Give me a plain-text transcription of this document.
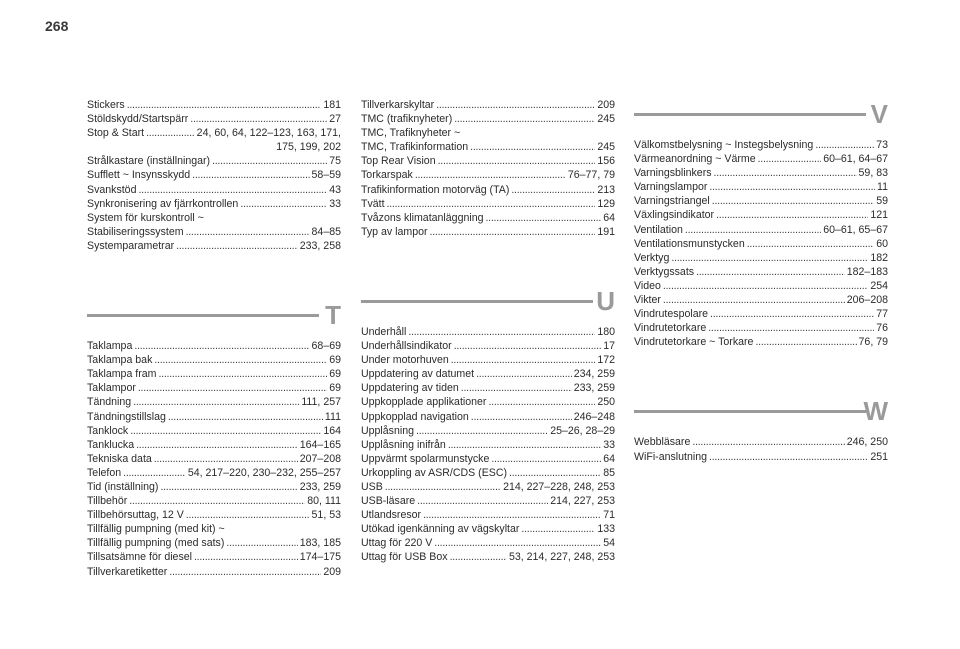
268
Stickers . . .	181
Stöldskydd/Startspärr . . .	27
Stop & Start . . .	24, 60, 64, 122–123, 163, 171,
175, 199, 202
Strålkastare (inställningar) . . .	75
Sufflett ~ Insynsskydd . . .	58–59
Svankstöd . . .	43
Synkronisering av fjärrkontrollen . . .	33
System för kurskontroll ~
Stabiliseringssystem . . .	84–85
Systemparametrar . . .	233, 258
T
Taklampa . . .	68–69
Taklampa bak . . .	69
Taklampa fram . . .	69
Taklampor . . .	69
Tändning . . .	111, 257
Tändningstillslag . . .	111
Tanklock . . .	164
Tanklucka . . .	164–165
Tekniska data . . .	207–208
Telefon . . .	54, 217–220, 230–232, 255–257
Tid (inställning) . . .	233, 259
Tillbehör . . .	80, 111
Tillbehörsuttag, 12 V . . .	51, 53
Tillfällig pumpning (med kit) ~
Tillfällig pumpning (med sats) . . .	183, 185
Tillsatsämne för diesel . . .	174–175
Tillverkaretiketter . . .	209
Tillverkarskyltar . . .	209
TMC (trafiknyheter) . . .	245
TMC, Trafiknyheter ~
TMC, Trafikinformation . . .	245
Top Rear Vision . . .	156
Torkarspak . . .	76–77, 79
Trafikinformation motorväg (TA) . . .	213
Tvätt . . .	129
Tvåzons klimatanläggning . . .	64
Typ av lampor . . .	191
U
Underhåll . . .	180
Underhållsindikator . . .	17
Under motorhuven . . .	172
Uppdatering av datumet . . .	234, 259
Uppdatering av tiden . . .	233, 259
Uppkopplade applikationer . . .	250
Uppkopplad navigation . . .	246–248
Upplåsning . . .	25–26, 28–29
Upplåsning inifrån . . .	33
Uppvärmt spolarmunstycke . . .	64
Urkoppling av ASR/CDS (ESC) . . .	85
USB . . .	214, 227–228, 248, 253
USB-läsare . . .	214, 227, 253
Utlandsresor . . .	71
Utökad igenkänning av vägskyltar . . .	133
Uttag för 220 V . . .	54
Uttag för USB Box . . .	53, 214, 227, 248, 253
V
Välkomstbelysning ~ Instegsbelysning . . .	73
Värmeanordning ~ Värme . . .	60–61, 64–67
Varningsblinkers . . .	59, 83
Varningslampor . . .	11
Varningstriangel . . .	59
Växlingsindikator . . .	121
Ventilation . . .	60–61, 65–67
Ventilationsmunstycken . . .	60
Verktyg . . .	182
Verktygssats . . .	182–183
Video . . .	254
Vikter . . .	206–208
Vindrutespolare . . .	77
Vindrutetorkare . . .	76
Vindrutetorkare ~ Torkare . . .	76, 79
W
Webbläsare . . .	246, 250
WiFi-anslutning . . .	251
